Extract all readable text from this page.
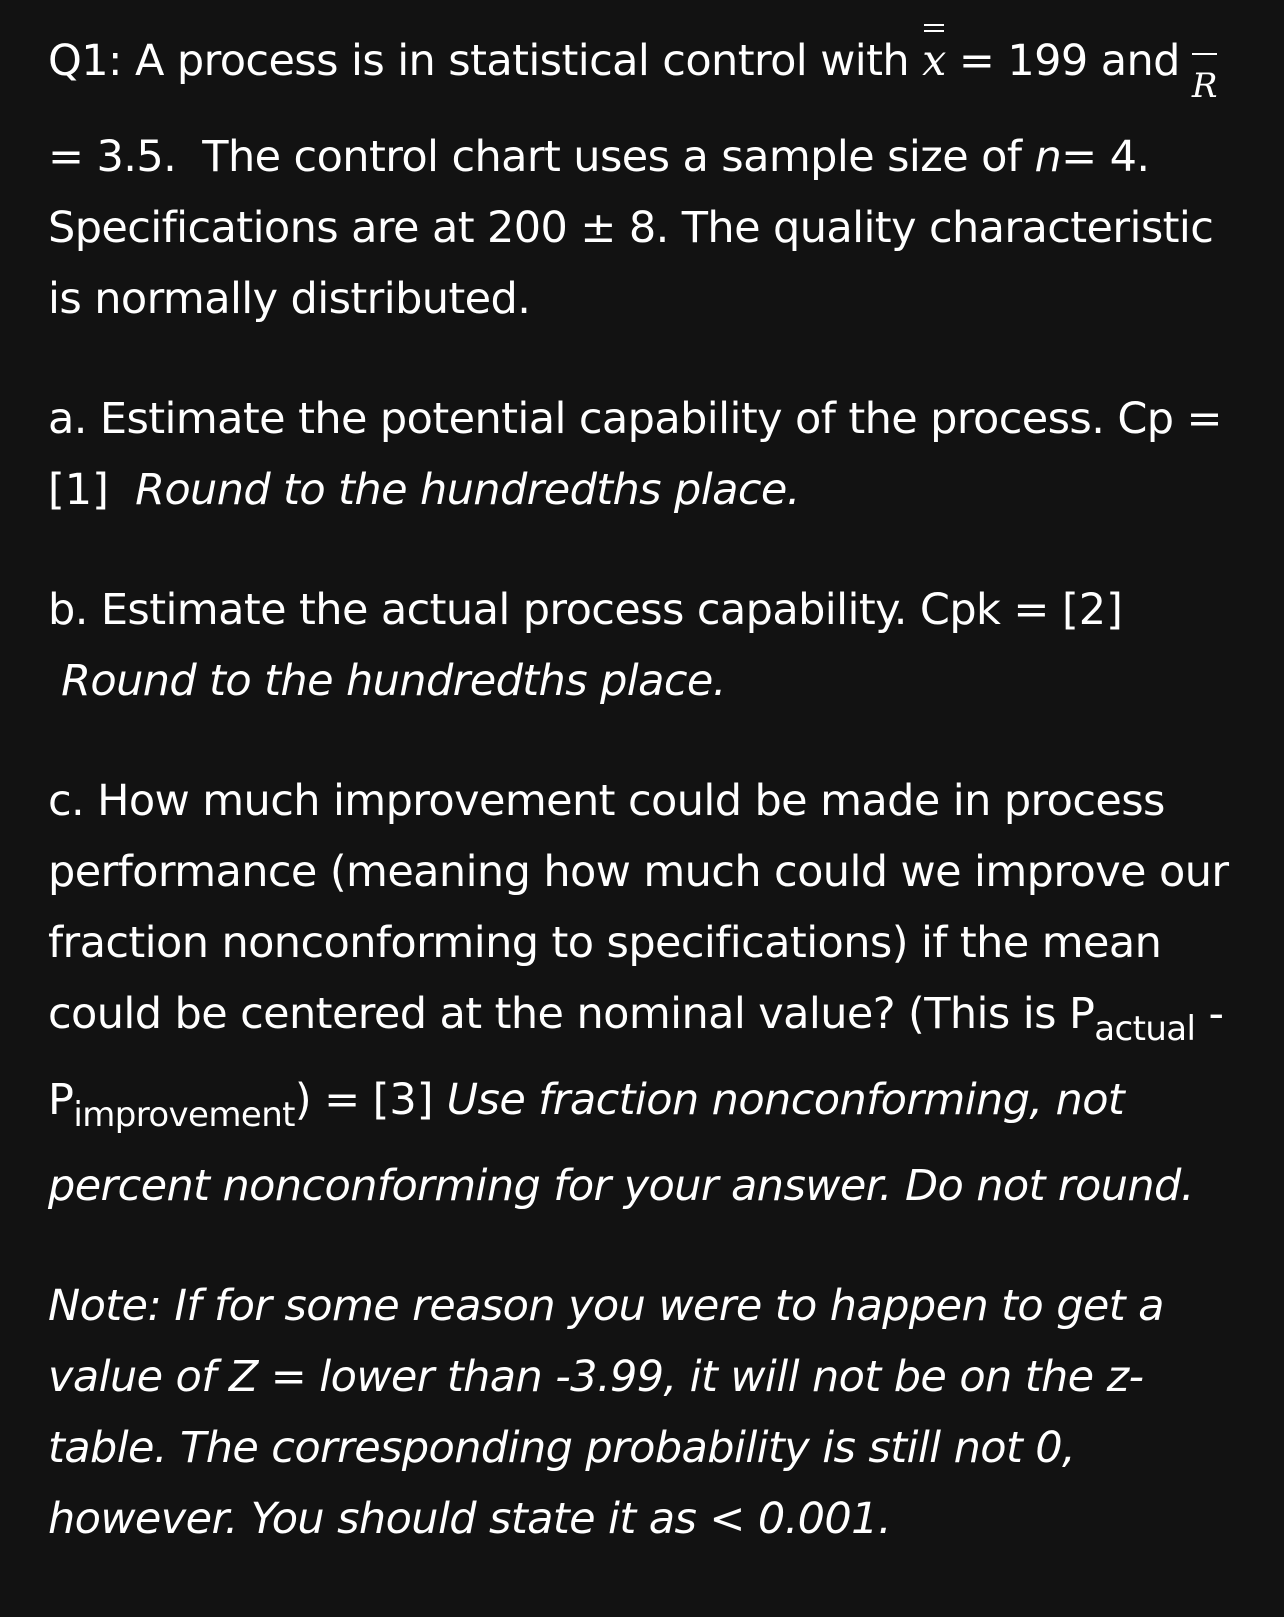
Q1: A process is in statistical control with x = 199 and R
= 3.5. The control chart uses a sample size of n= 4.
Specifications are at 200 ± 8. The quality characteristic is normally distributed.

a. Estimate the potential capability of the process. Cp =
[1] Round to the hundredths place.

b. Estimate the actual process capability. Cpk = [2]
Round to the hundredths place.

c. How much improvement could be made in process performance (meaning how much could we improve our fraction nonconforming to specifications) if the mean could be centered at the nominal value? (This is $P_{actual}$ -
$P_{improvement}) = [3]$ Use fraction nonconforming, not percent nonconforming for your answer. Do not round.

Note: If for some reason you were to happen to get a value of Z = lower than -3.99, it will not be on the z-table. The corresponding probability is still not 0, however. You should state it as < 0.001.
